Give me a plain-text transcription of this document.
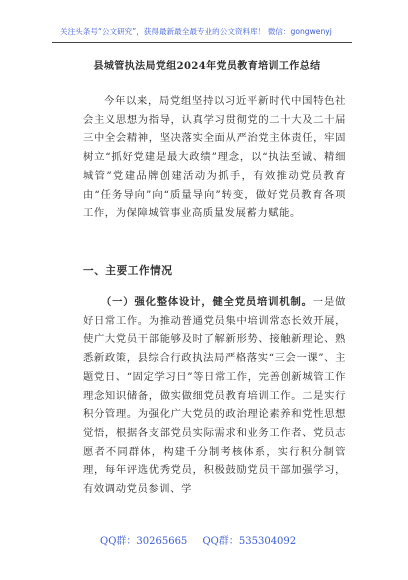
关注头条号“公文研究”，获得最新最全最专业的公文资料库！ 微信：gongwenyj
县城管执法局党组2024年党员教育培训工作总结

今年以来，局党组坚持以习近平新时代中国特色社会主义思想为指导，认真学习贯彻党的二十大及二十届三中全会精神，坚决落实全面从严治党主体责任，牢固树立“抓好党建是最大政绩”理念，以“执法至诚、精细城管”党建品牌创建活动为抓手，有效推动党员教育由“任务导向”向“质量导向”转变，做好党员教育各项工作，为保障城管事业高质量发展蓄力赋能。

一、主要工作情况

（一）强化整体设计，健全党员培训机制。一是做好日常工作。为推动普通党员集中培训常态长效开展，使广大党员干部能够及时了解新形势、接触新理论、熟悉新政策，县综合行政执法局严格落实“三会一课”、主题党日、“固定学习日”等日常工作，完善创新城管工作理念知识储备，做实做细党员教育培训工作。二是实行积分管理。为强化广大党员的政治理论素养和党性思想觉悟，根据各支部党员实际需求和业务工作者、党员志愿者不同群体，构建千分制考核体系，实行积分制管理，每年评选优秀党员，积极鼓励党员干部加强学习，有效调动党员参训、学

QQ群：30265665 QQ群：535304092
